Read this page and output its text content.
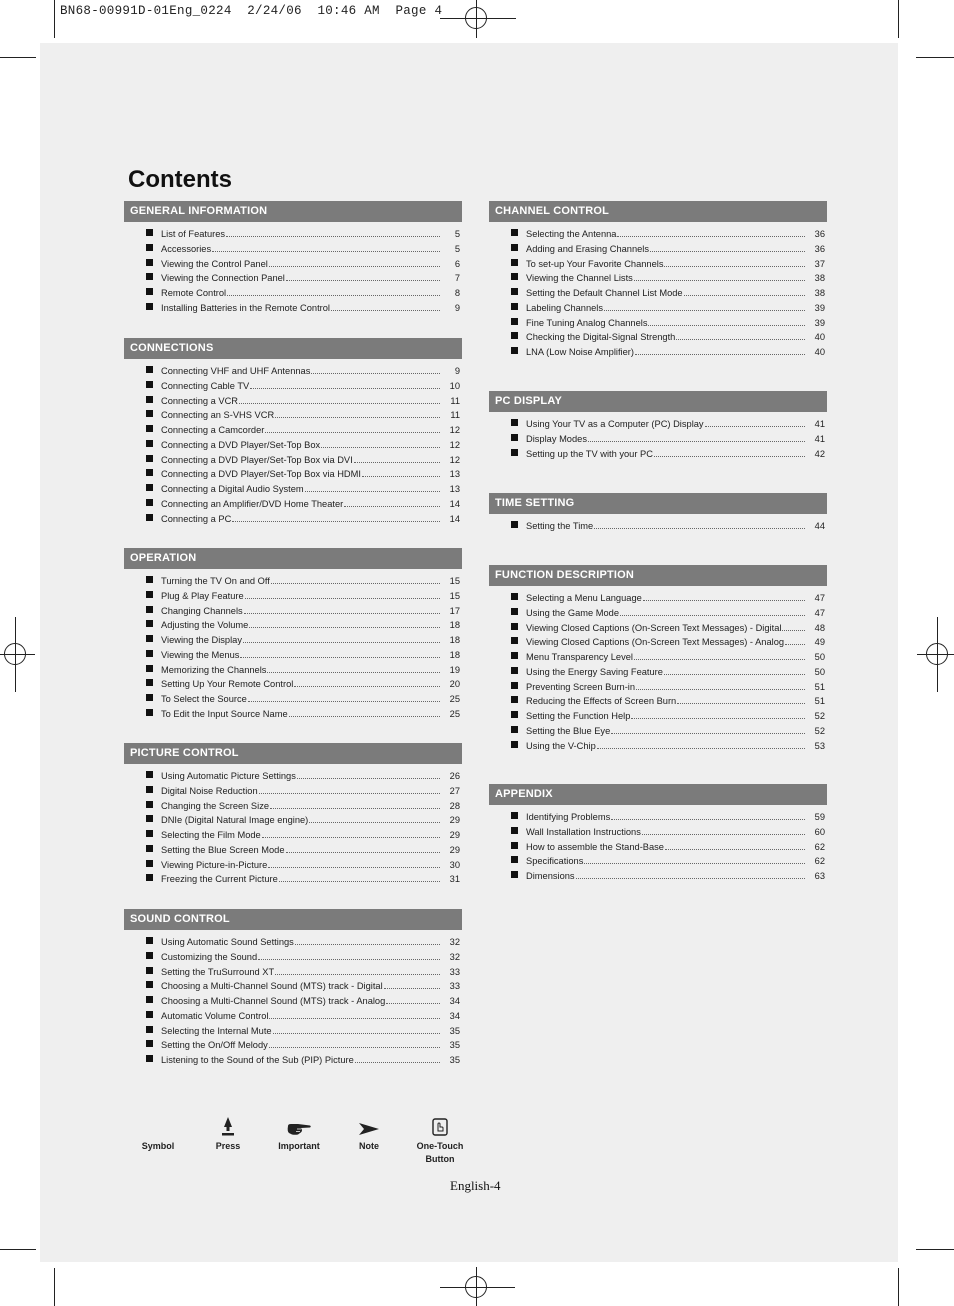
BN68-00991D-01Eng_0224  2/24/06  10:46 AM  Page 4
Contents
GENERAL INFORMATION
List of Features	5
Accessories	5
Viewing the Control Panel	6
Viewing the Connection Panel	7
Remote Control	8
Installing Batteries in the Remote Control	9
CONNECTIONS
Connecting VHF and UHF Antennas	9
Connecting Cable TV	10
Connecting a VCR	11
Connecting an S-VHS VCR	11
Connecting a Camcorder	12
Connecting a DVD Player/Set-Top Box	12
Connecting a DVD Player/Set-Top Box via DVI	12
Connecting a DVD Player/Set-Top Box via HDMI	13
Connecting a Digital Audio System	13
Connecting an Amplifier/DVD Home Theater	14
Connecting a PC	14
OPERATION
Turning the TV On and Off	15
Plug & Play Feature	15
Changing Channels	17
Adjusting the Volume	18
Viewing the Display	18
Viewing the Menus	18
Memorizing the Channels	19
Setting Up Your Remote Control	20
To Select the Source	25
To Edit the Input Source Name	25
PICTURE CONTROL
Using Automatic Picture Settings	26
Digital Noise Reduction	27
Changing the Screen Size	28
DNIe (Digital Natural Image engine)	29
Selecting the Film Mode	29
Setting the Blue Screen Mode	29
Viewing Picture-in-Picture	30
Freezing the Current Picture	31
SOUND CONTROL
Using Automatic Sound Settings	32
Customizing the Sound	32
Setting the TruSurround XT	33
Choosing a Multi-Channel Sound (MTS) track - Digital	33
Choosing a Multi-Channel Sound (MTS) track - Analog	34
Automatic Volume Control	34
Selecting the Internal Mute	35
Setting the On/Off Melody	35
Listening to the Sound of the Sub (PIP) Picture	35
CHANNEL CONTROL
Selecting the Antenna	36
Adding and Erasing Channels	36
To set-up Your Favorite Channels	37
Viewing the Channel Lists	38
Setting the Default Channel List Mode	38
Labeling Channels	39
Fine Tuning Analog Channels	39
Checking the Digital-Signal Strength	40
LNA (Low Noise Amplifier)	40
PC DISPLAY
Using Your TV as a Computer (PC) Display	41
Display Modes	41
Setting up the TV with your PC	42
TIME SETTING
Setting the Time	44
FUNCTION DESCRIPTION
Selecting a Menu Language	47
Using the Game Mode	47
Viewing Closed Captions (On-Screen Text Messages) - Digital	48
Viewing Closed Captions (On-Screen Text Messages) - Analog	49
Menu Transparency Level	50
Using the Energy Saving Feature	50
Preventing Screen Burn-in	51
Reducing the Effects of Screen Burn	51
Setting the Function Help	52
Setting the Blue Eye	52
Using the V-Chip	53
APPENDIX
Identifying Problems	59
Wall Installation Instructions	60
How to assemble the Stand-Base	62
Specifications	62
Dimensions	63
Symbol	Press	Important	Note	One-Touch Button
English-4
